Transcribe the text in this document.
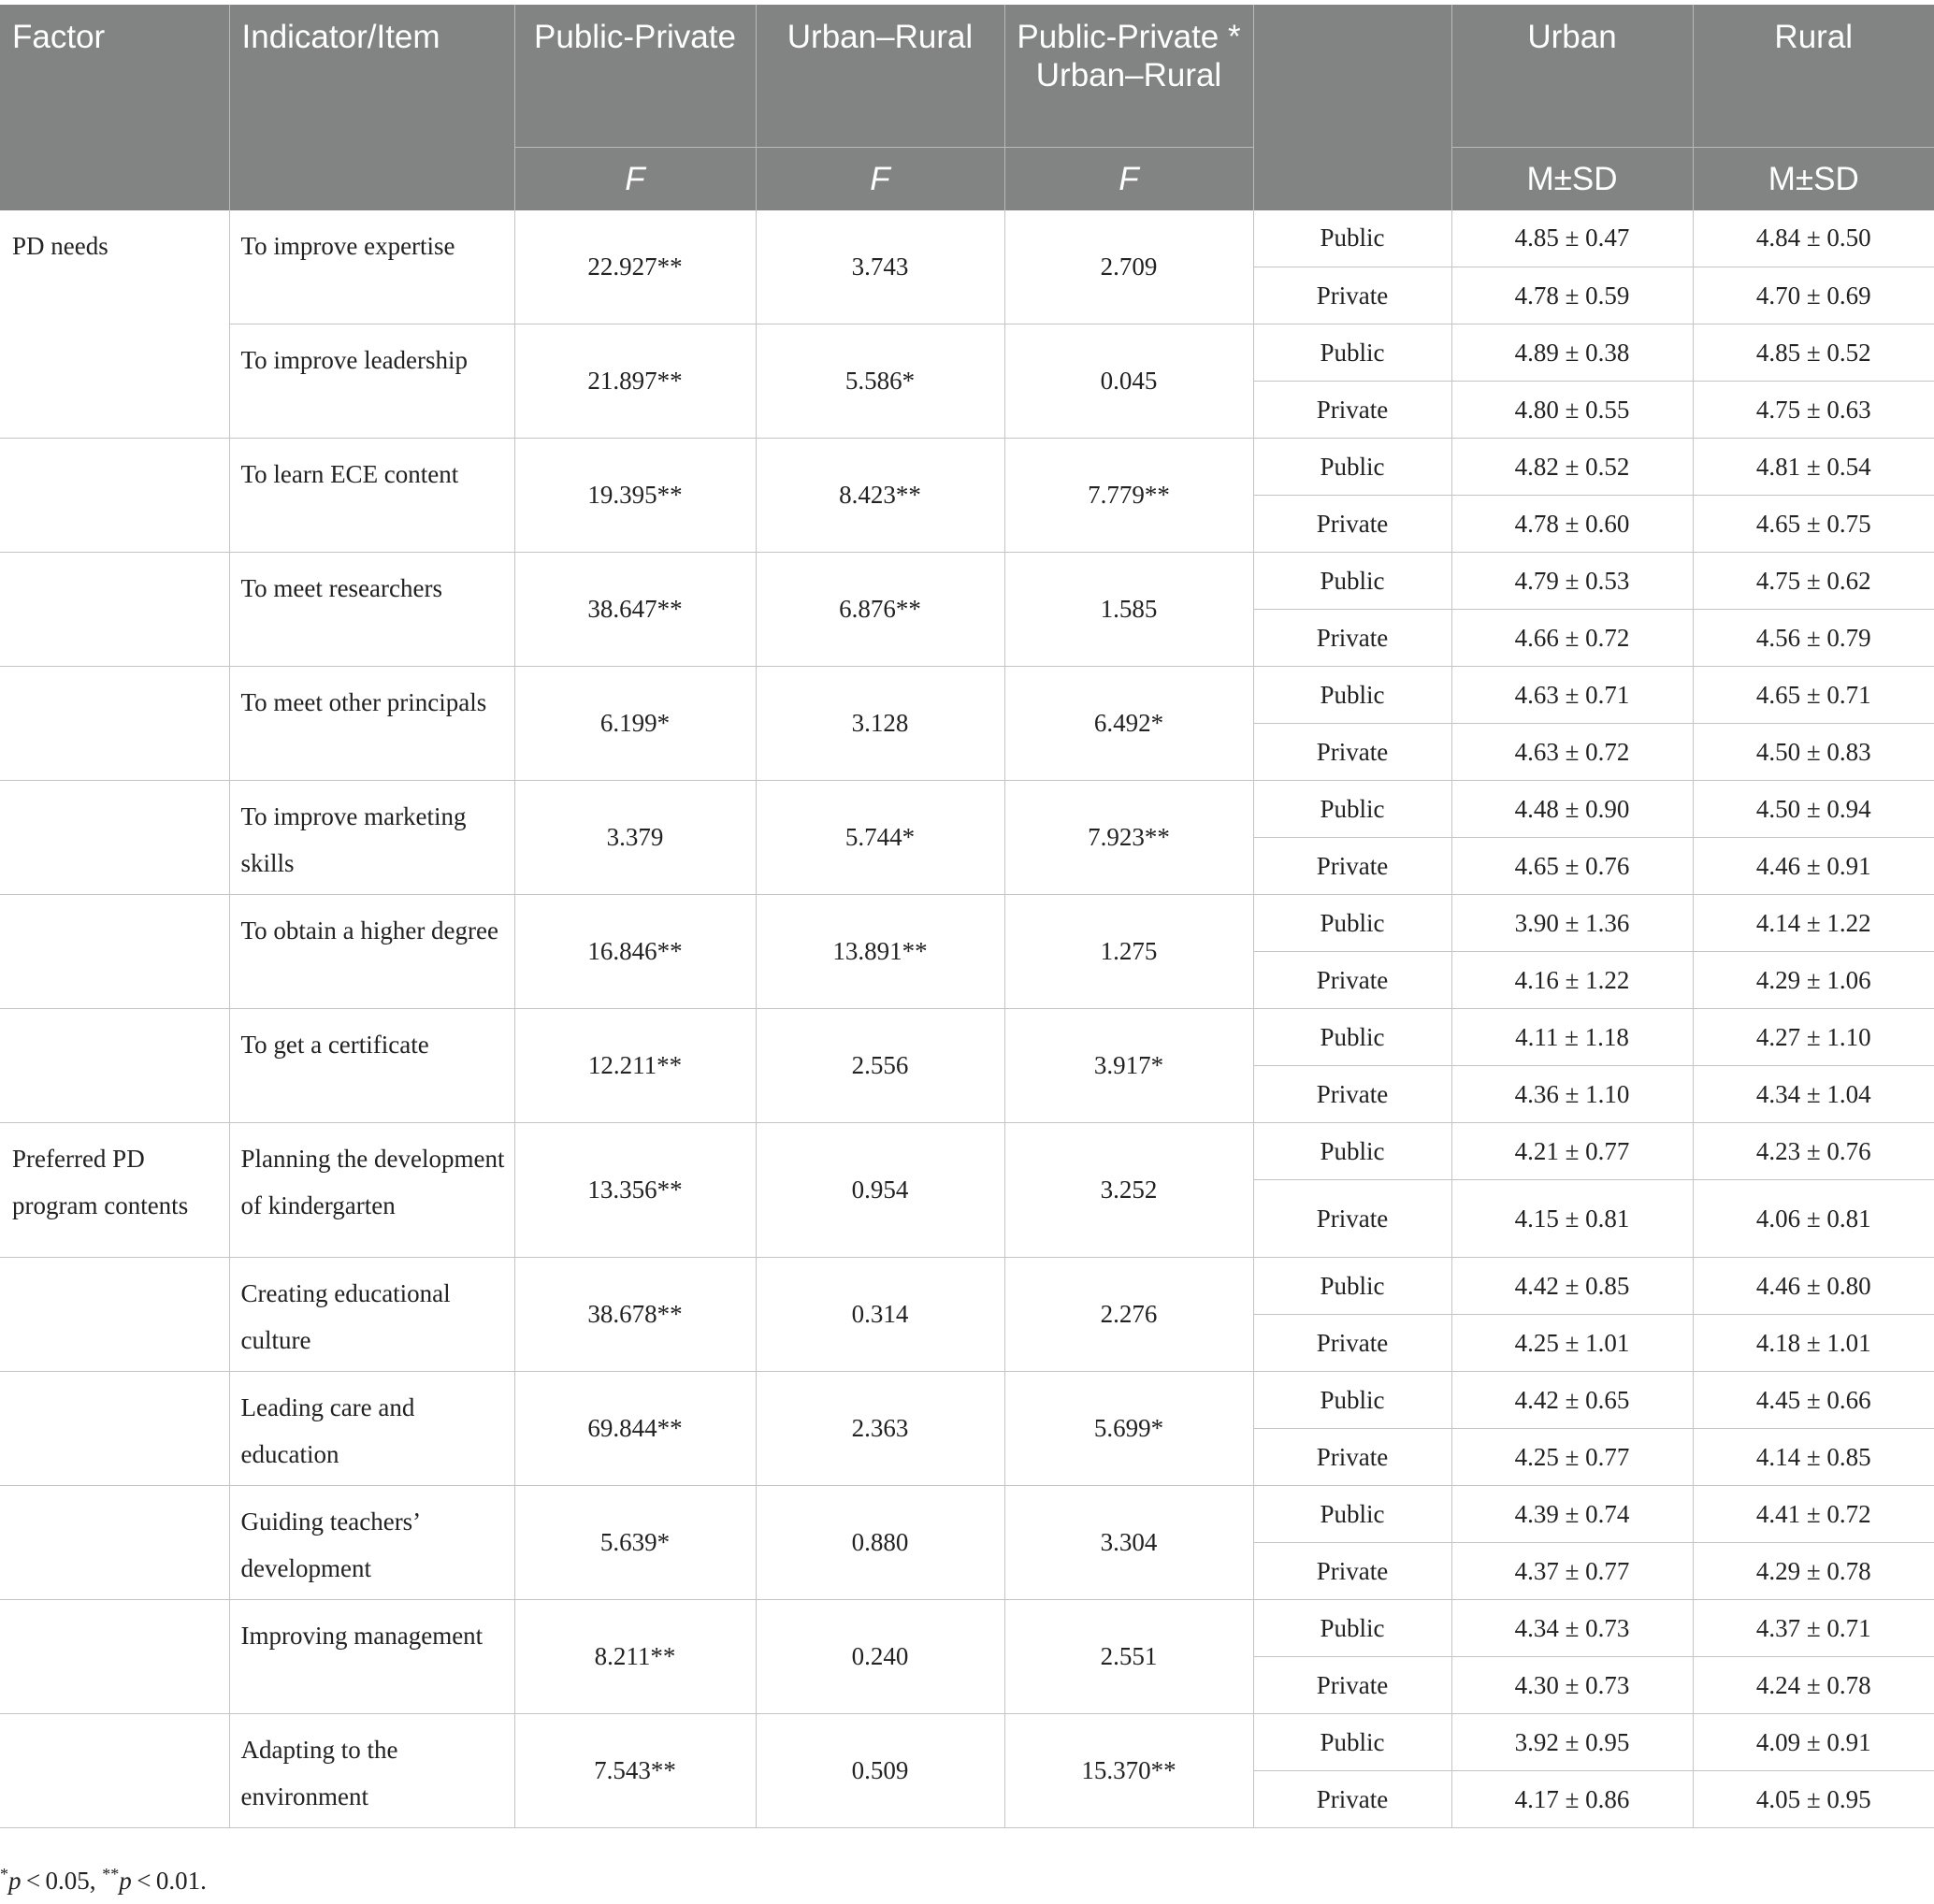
Factor	Indicator/Item	Public-Private	Urban–Rural	Public-Private * Urban–Rural		Urban	Rural
		F	F	F		M±SD	M±SD
PD needs	To improve expertise	22.927**	3.743	2.709	Public	4.85 ± 0.47	4.84 ± 0.50
					Private	4.78 ± 0.59	4.70 ± 0.69
	To improve leadership	21.897**	5.586*	0.045	Public	4.89 ± 0.38	4.85 ± 0.52
					Private	4.80 ± 0.55	4.75 ± 0.63
	To learn ECE content	19.395**	8.423**	7.779**	Public	4.82 ± 0.52	4.81 ± 0.54
					Private	4.78 ± 0.60	4.65 ± 0.75
	To meet researchers	38.647**	6.876**	1.585	Public	4.79 ± 0.53	4.75 ± 0.62
					Private	4.66 ± 0.72	4.56 ± 0.79
	To meet other principals	6.199*	3.128	6.492*	Public	4.63 ± 0.71	4.65 ± 0.71
					Private	4.63 ± 0.72	4.50 ± 0.83
	To improve marketing skills	3.379	5.744*	7.923**	Public	4.48 ± 0.90	4.50 ± 0.94
					Private	4.65 ± 0.76	4.46 ± 0.91
	To obtain a higher degree	16.846**	13.891**	1.275	Public	3.90 ± 1.36	4.14 ± 1.22
					Private	4.16 ± 1.22	4.29 ± 1.06
	To get a certificate	12.211**	2.556	3.917*	Public	4.11 ± 1.18	4.27 ± 1.10
					Private	4.36 ± 1.10	4.34 ± 1.04
Preferred PD program contents	Planning the development of kindergarten	13.356**	0.954	3.252	Public	4.21 ± 0.77	4.23 ± 0.76
					Private	4.15 ± 0.81	4.06 ± 0.81
	Creating educational culture	38.678**	0.314	2.276	Public	4.42 ± 0.85	4.46 ± 0.80
					Private	4.25 ± 1.01	4.18 ± 1.01
	Leading care and education	69.844**	2.363	5.699*	Public	4.42 ± 0.65	4.45 ± 0.66
					Private	4.25 ± 0.77	4.14 ± 0.85
	Guiding teachers’ development	5.639*	0.880	3.304	Public	4.39 ± 0.74	4.41 ± 0.72
					Private	4.37 ± 0.77	4.29 ± 0.78
	Improving management	8.211**	0.240	2.551	Public	4.34 ± 0.73	4.37 ± 0.71
					Private	4.30 ± 0.73	4.24 ± 0.78
	Adapting to the environment	7.543**	0.509	15.370**	Public	3.92 ± 0.95	4.09 ± 0.91
					Private	4.17 ± 0.86	4.05 ± 0.95
*p < 0.05, **p < 0.01.
